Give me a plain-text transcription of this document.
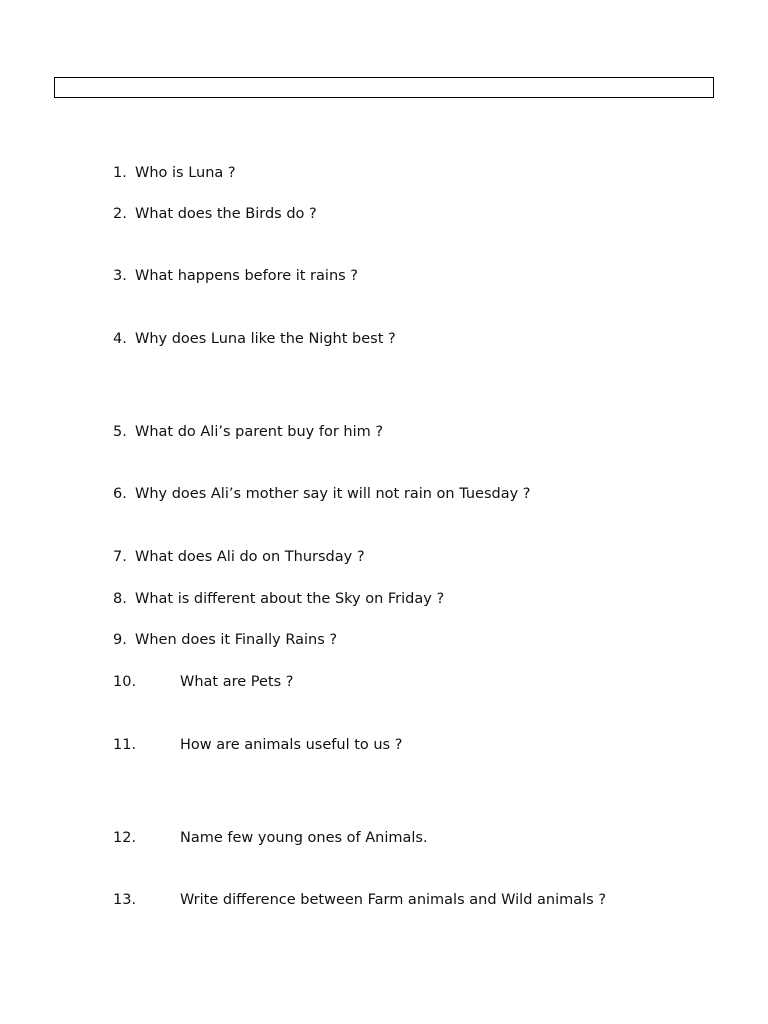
1. Who is Luna ?
2. What does the Birds do ?
3. What happens before it rains ?
4. Why does Luna like the Night best ?
5. What do Ali’s parent buy for him ?
6. Why does Ali’s mother say it will not rain on Tuesday ?
7. What does Ali do on Thursday ?
8. What is different about the Sky on Friday ?
9. When does it Finally Rains ?
10.	What are Pets ?
11.	How are animals useful to us ?
12.	Name few young ones of Animals.
13.	Write difference between Farm animals and Wild animals ?
